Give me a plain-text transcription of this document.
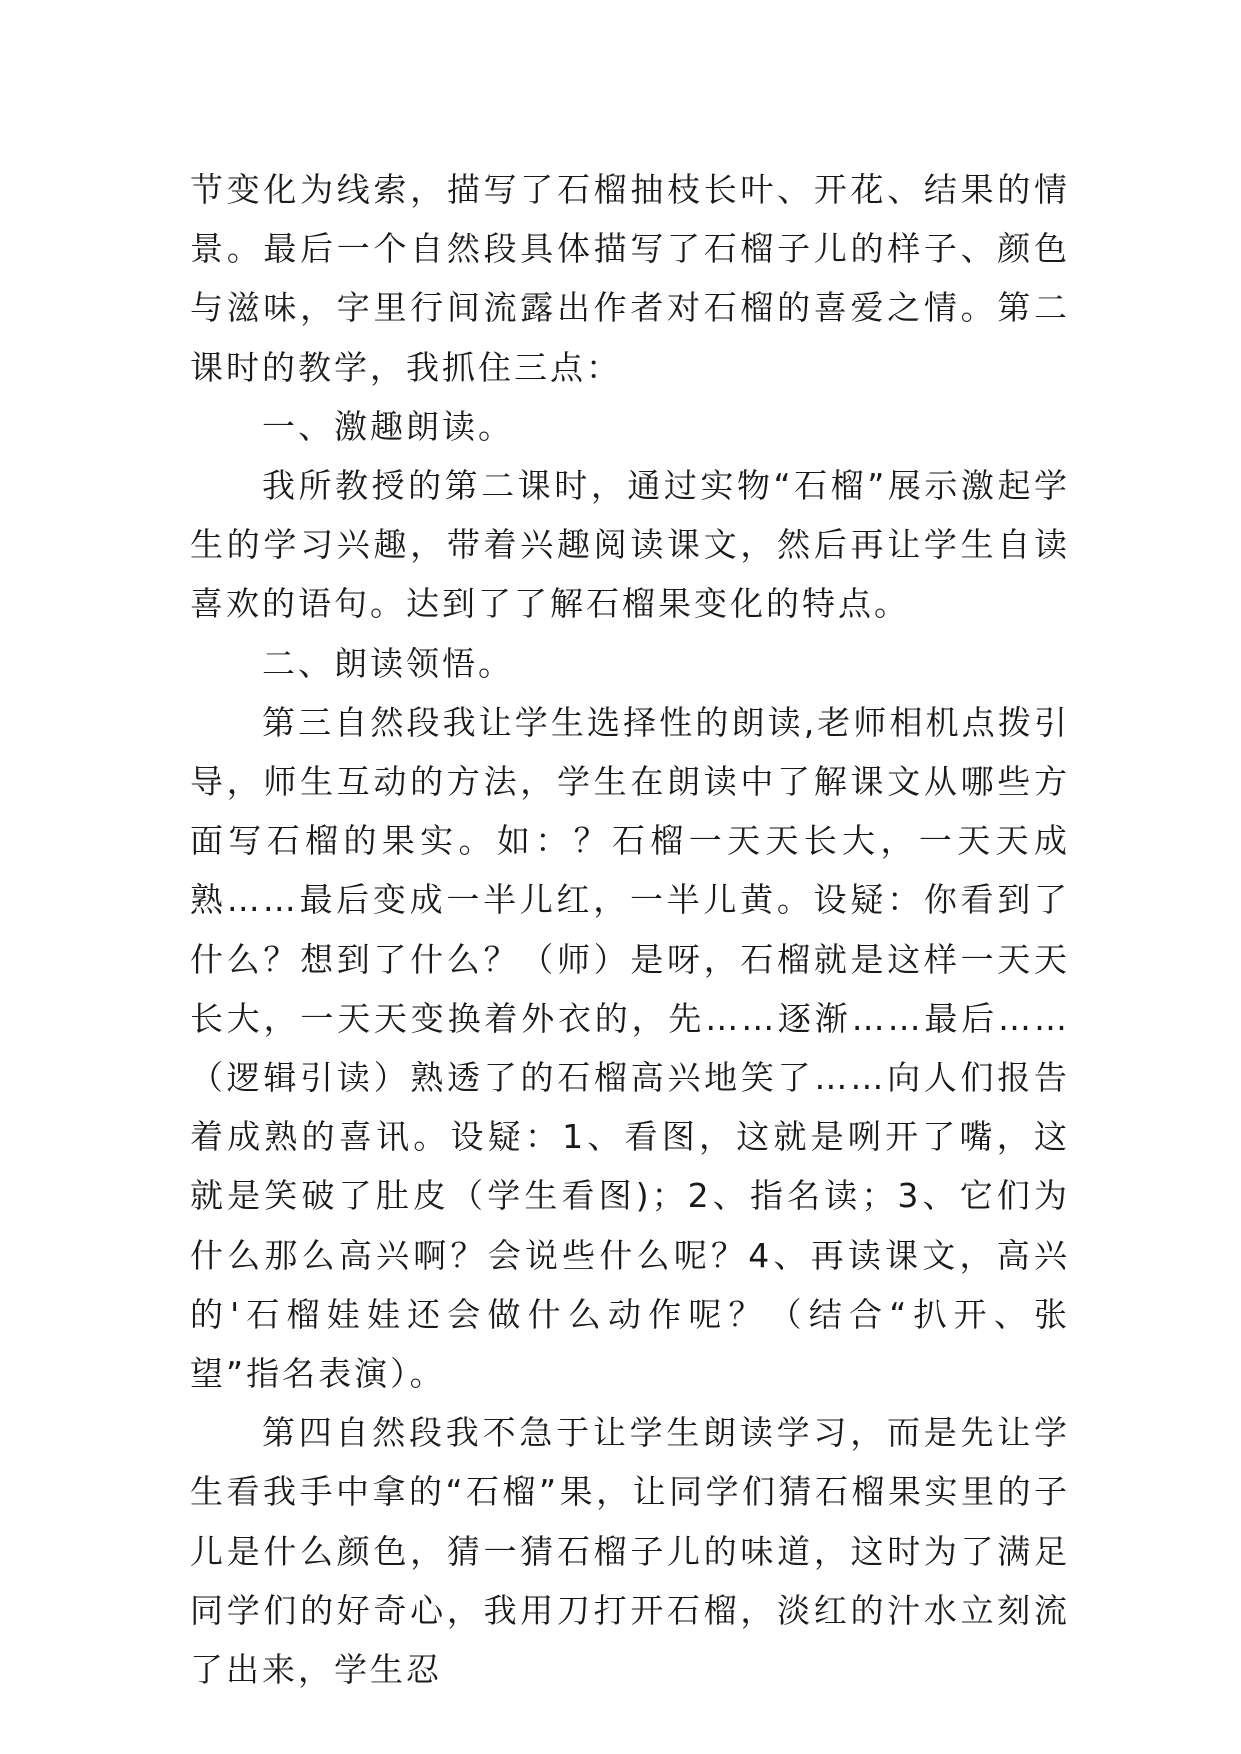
节变化为线索，描写了石榴抽枝长叶、开花、结果的情景。最后一个自然段具体描写了石榴子儿的样子、颜色与滋味，字里行间流露出作者对石榴的喜爱之情。第二课时的教学，我抓住三点：

一、激趣朗读。

我所教授的第二课时，通过实物“石榴”展示激起学生的学习兴趣，带着兴趣阅读课文，然后再让学生自读喜欢的语句。达到了了解石榴果变化的特点。

二、朗读领悟。

第三自然段我让学生选择性的朗读,老师相机点拨引导，师生互动的方法，学生在朗读中了解课文从哪些方面写石榴的果实。如：？石榴一天天长大，一天天成熟……最后变成一半儿红，一半儿黄。设疑：你看到了什么？想到了什么？（师）是呀，石榴就是这样一天天长大，一天天变换着外衣的，先……逐渐……最后……（逻辑引读）熟透了的石榴高兴地笑了……向人们报告着成熟的喜讯。设疑：1、看图，这就是咧开了嘴，这就是笑破了肚皮（学生看图)；2、指名读；3、它们为什么那么高兴啊？会说些什么呢？4、再读课文，高兴的'石榴娃娃还会做什么动作呢？（结合“扒开、张望”指名表演）。

第四自然段我不急于让学生朗读学习，而是先让学生看我手中拿的“石榴”果，让同学们猜石榴果实里的子儿是什么颜色，猜一猜石榴子儿的味道，这时为了满足同学们的好奇心，我用刀打开石榴，淡红的汁水立刻流了出来，学生忍
